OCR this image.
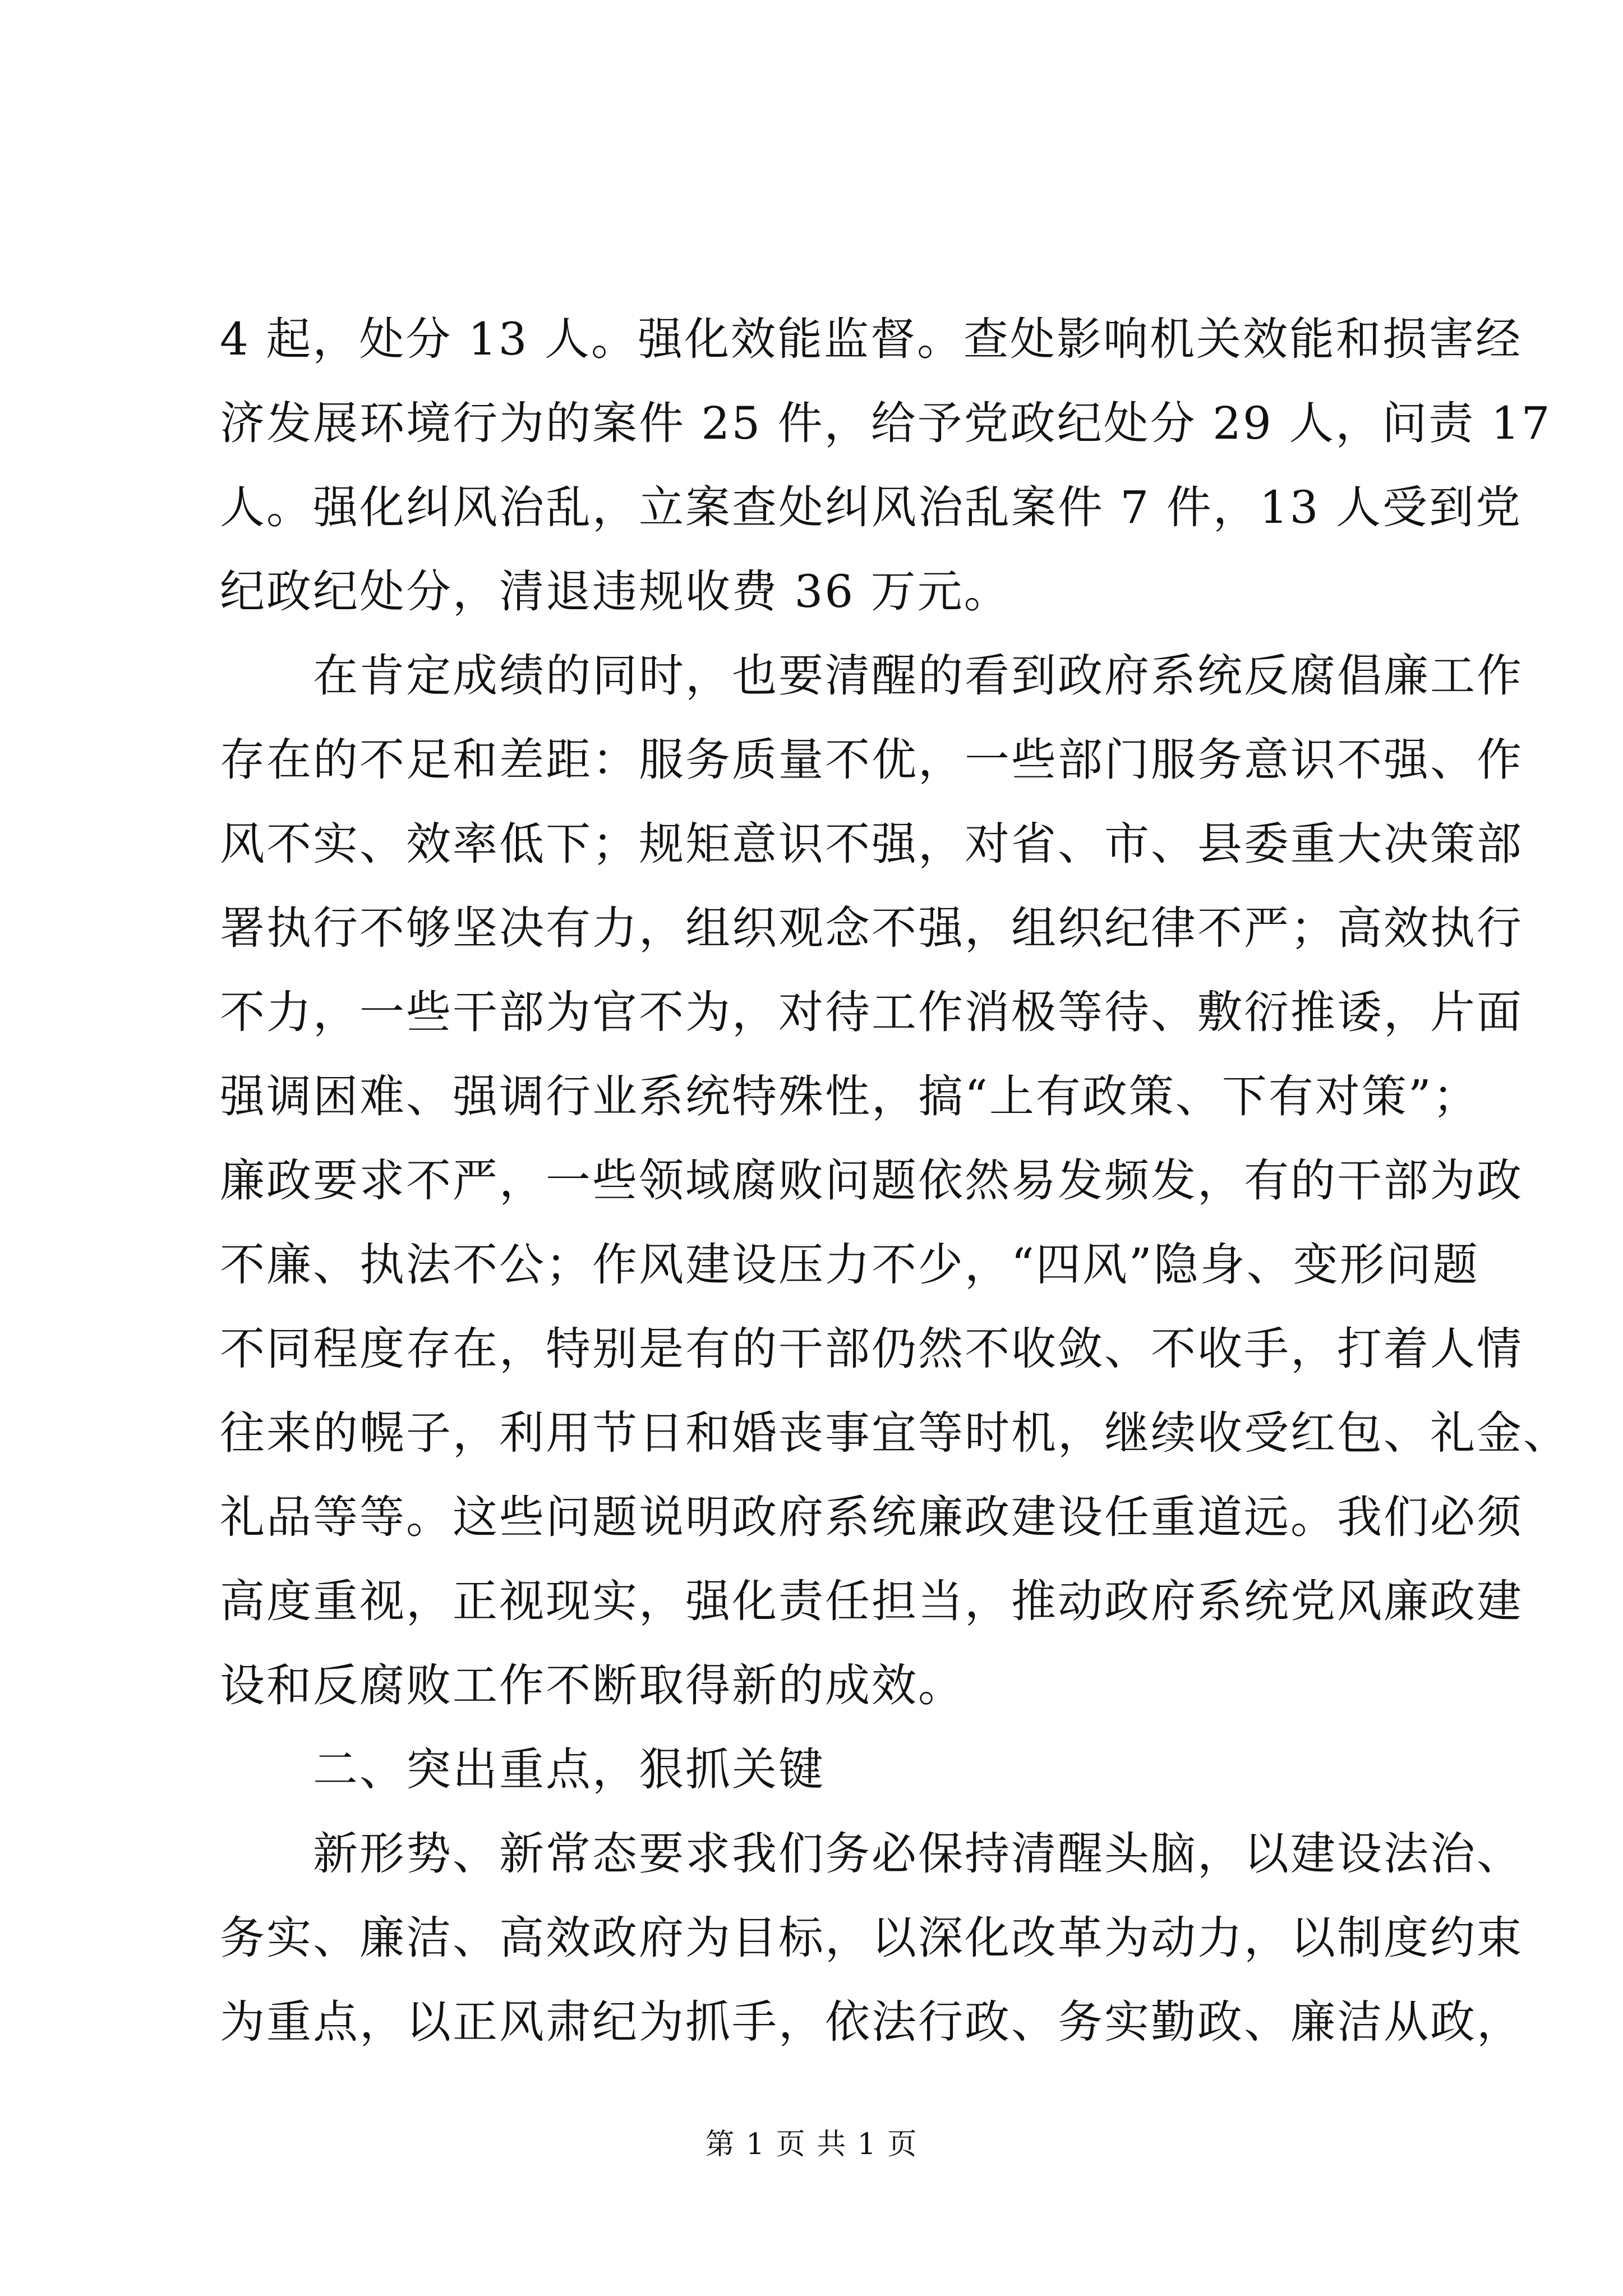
4 起，处分 13 人。强化效能监督。查处影响机关效能和损害经
济发展环境行为的案件 25 件，给予党政纪处分 29 人，问责 17
人。强化纠风治乱，立案查处纠风治乱案件 7 件，13 人受到党
纪政纪处分，清退违规收费 36 万元。
在肯定成绩的同时，也要清醒的看到政府系统反腐倡廉工作
存在的不足和差距：服务质量不优，一些部门服务意识不强、作
风不实、效率低下；规矩意识不强，对省、市、县委重大决策部
署执行不够坚决有力，组织观念不强，组织纪律不严；高效执行
不力，一些干部为官不为，对待工作消极等待、敷衍推诿，片面
强调困难、强调行业系统特殊性，搞“上有政策、下有对策”；
廉政要求不严，一些领域腐败问题依然易发频发，有的干部为政
不廉、执法不公；作风建设压力不少，“四风”隐身、变形问题
不同程度存在，特别是有的干部仍然不收敛、不收手，打着人情
往来的幌子，利用节日和婚丧事宜等时机，继续收受红包、礼金、
礼品等等。这些问题说明政府系统廉政建设任重道远。我们必须
高度重视，正视现实，强化责任担当，推动政府系统党风廉政建
设和反腐败工作不断取得新的成效。
二、突出重点，狠抓关键
新形势、新常态要求我们务必保持清醒头脑，以建设法治、
务实、廉洁、高效政府为目标，以深化改革为动力，以制度约束
为重点，以正风肃纪为抓手，依法行政、务实勤政、廉洁从政，
第 1 页 共 1 页
